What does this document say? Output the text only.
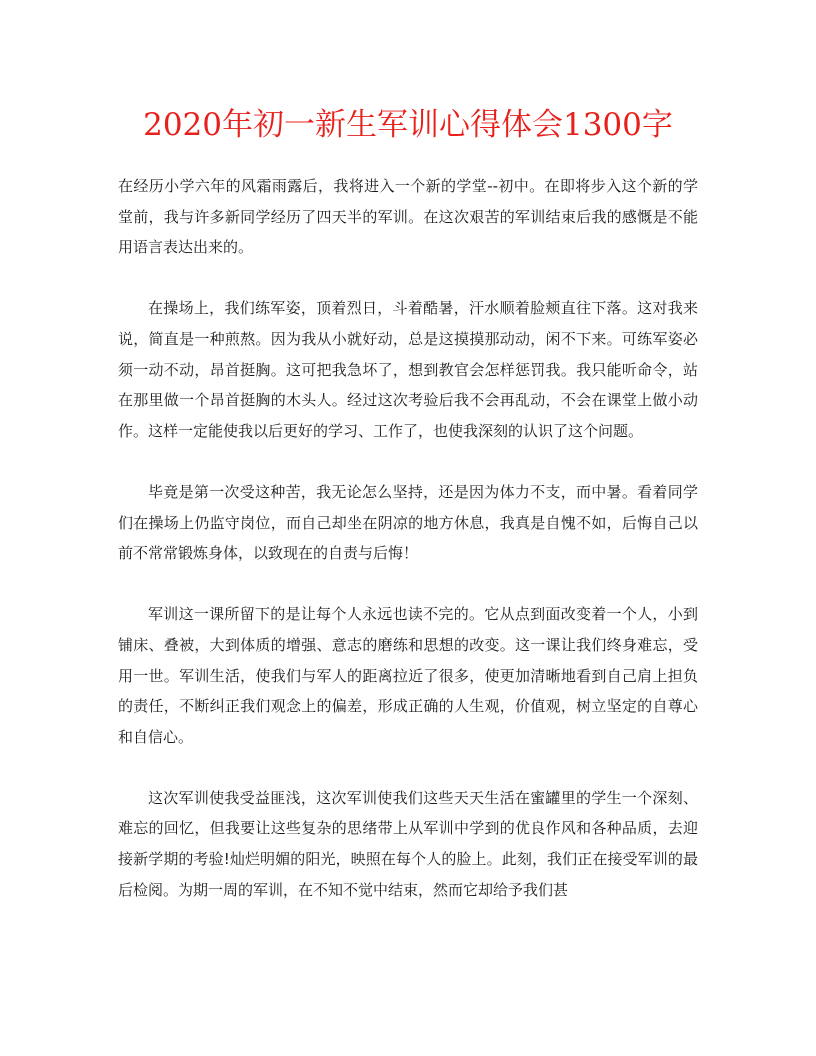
2020年初一新生军训心得体会1300字

在经历小学六年的风霜雨露后，我将进入一个新的学堂--初中。在即将步入这个新的学堂前，我与许多新同学经历了四天半的军训。在这次艰苦的军训结束后我的感慨是不能用语言表达出来的。

在操场上，我们练军姿，顶着烈日，斗着酷暑，汗水顺着脸颊直往下落。这对我来说，简直是一种煎熬。因为我从小就好动，总是这摸摸那动动，闲不下来。可练军姿必须一动不动，昂首挺胸。这可把我急坏了，想到教官会怎样惩罚我。我只能听命令，站在那里做一个昂首挺胸的木头人。经过这次考验后我不会再乱动，不会在课堂上做小动作。这样一定能使我以后更好的学习、工作了，也使我深刻的认识了这个问题。

毕竟是第一次受这种苦，我无论怎么坚持，还是因为体力不支，而中暑。看着同学们在操场上仍监守岗位，而自己却坐在阴凉的地方休息，我真是自愧不如，后悔自己以前不常常锻炼身体，以致现在的自责与后悔！

军训这一课所留下的是让每个人永远也读不完的。它从点到面改变着一个人，小到铺床、叠被，大到体质的增强、意志的磨练和思想的改变。这一课让我们终身难忘，受用一世。军训生活，使我们与军人的距离拉近了很多，使更加清晰地看到自己肩上担负的责任，不断纠正我们观念上的偏差，形成正确的人生观，价值观，树立坚定的自尊心和自信心。

这次军训使我受益匪浅，这次军训使我们这些天天生活在蜜罐里的学生一个深刻、难忘的回忆，但我要让这些复杂的思绪带上从军训中学到的优良作风和各种品质，去迎接新学期的考验!灿烂明媚的阳光，映照在每个人的脸上。此刻，我们正在接受军训的最后检阅。为期一周的军训，在不知不觉中结束，然而它却给予我们甚
